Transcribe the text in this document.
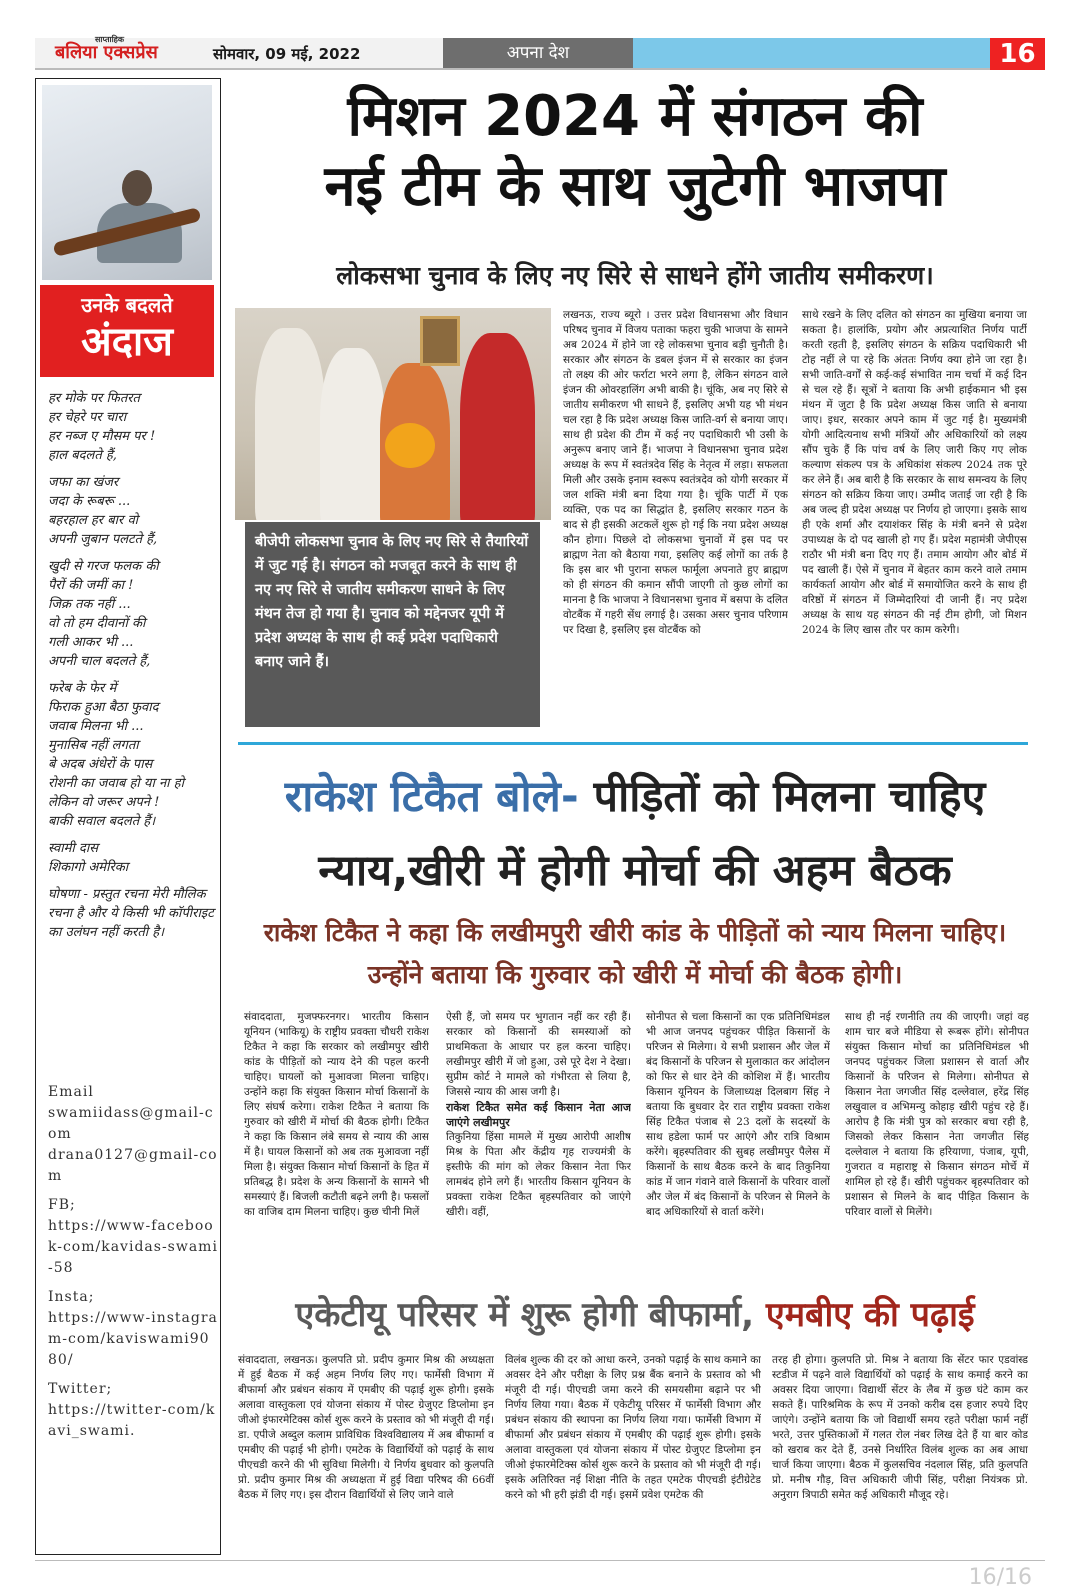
साप्ताहिक
बलिया एक्सप्रेस	सोमवार, 09 मई, 2022	अपना देश	16
उनके बदलते
अंदाज

हर मोके पर फितरत

हर चेहरे पर चारा

हर नब्ज ए मौसम पर !

हाल बदलते हैं,

जफा का खंजर

जदा के रूबरू ...

बहरहाल हर बार वो

अपनी जुबान पलटते हैं,

खुदी से गरज फलक की

पैरों की जमीं का !

जिक्र तक नहीं ...

वो तो हम दीवानों की

गली आकर भी ...

अपनी चाल बदलते हैं,

फरेब के फेर में

फिराक हुआ बैठा फुवाद

जवाब मिलना भी ...

मुनासिब नहीं लगता

बे अदब अंधेरों के पास

रोशनी का जवाब हो या ना हो

लेकिन वो जरूर अपने !

बाकी सवाल बदलते हैं।

स्वामी दास

शिकागो अमेरिका

घोषणा - प्रस्तुत रचना मेरी मौलिक रचना है और ये किसी भी कॉपीराइट का उलंघन नहीं करती है।

Email

swamiidass@gmail-com

drana0127@gmail-com

FB;

https://www-facebook-com/kavidas-swami-58

Insta;

https://www-instagram-com/kaviswami9080/

Twitter;

https://twitter-com/kavi_swami.

मिशन 2024 में संगठन की
नई टीम के साथ जुटेगी भाजपा
लोकसभा चुनाव के लिए नए सिरे से साधने होंगे जातीय समीकरण।
बीजेपी लोकसभा चुनाव के लिए नए सिरे से तैयारियों में जुट गई है। संगठन को मजबूत करने के साथ ही नए नए सिरे से जातीय समीकरण साधने के लिए मंथन तेज हो गया है। चुनाव को मद्देनजर यूपी में प्रदेश अध्यक्ष के साथ ही कई प्रदेश पदाधिकारी बनाए जाने हैं।

लखनऊ, राज्य ब्यूरो । उत्तर प्रदेश विधानसभा और विधान परिषद चुनाव में विजय पताका फहरा चुकी भाजपा के सामने अब 2024 में होने जा रहे लोकसभा चुनाव बड़ी चुनौती है। सरकार और संगठन के डबल इंजन में से सरकार का इंजन तो लक्ष्य की ओर फर्राटा भरने लगा है, लेकिन संगठन वाले इंजन की ओवरहालिंग अभी बाकी है। चूंकि, अब नए सिरे से जातीय समीकरण भी साधने हैं, इसलिए अभी यह भी मंथन चल रहा है कि प्रदेश अध्यक्ष किस जाति-वर्ग से बनाया जाए। साथ ही प्रदेश की टीम में कई नए पदाधिकारी भी उसी के अनुरूप बनाए जाने हैं। भाजपा ने विधानसभा चुनाव प्रदेश अध्यक्ष के रूप में स्वतंत्रदेव सिंह के नेतृत्व में लड़ा। सफलता मिली और उसके इनाम स्वरूप स्वतंत्रदेव को योगी सरकार में जल शक्ति मंत्री बना दिया गया है। चूंकि पार्टी में एक व्यक्ति, एक पद का सिद्धांत है, इसलिए सरकार गठन के बाद से ही इसकी अटकलें शुरू हो गई कि नया प्रदेश अध्यक्ष कौन होगा। पिछले दो लोकसभा चुनावों में इस पद पर ब्राह्मण नेता को बैठाया गया, इसलिए कई लोगों का तर्क है कि इस बार भी पुराना सफल फार्मूला अपनाते हुए ब्राह्मण को ही संगठन की कमान सौंपी जाएगी तो कुछ लोगों का मानना है कि भाजपा ने विधानसभा चुनाव में बसपा के दलित वोटबैंक में गहरी सेंध लगाई है। उसका असर चुनाव परिणाम पर दिखा है, इसलिए इस वोटबैंक को

साथे रखने के लिए दलित को संगठन का मुखिया बनाया जा सकता है। हालांकि, प्रयोग और अप्रत्याशित निर्णय पार्टी करती रहती है, इसलिए संगठन के सक्रिय पदाधिकारी भी टोह नहीं ले पा रहे कि अंततः निर्णय क्या होने जा रहा है। सभी जाति-वर्गों से कई-कई संभावित नाम चर्चा में कई दिन से चल रहे हैं। सूत्रों ने बताया कि अभी हाईकमान भी इस मंथन में जुटा है कि प्रदेश अध्यक्ष किस जाति से बनाया जाए। इधर, सरकार अपने काम में जुट गई है। मुख्यमंत्री योगी आदित्यनाथ सभी मंत्रियों और अधिकारियों को लक्ष्य सौंप चुके हैं कि पांच वर्ष के लिए जारी किए गए लोक कल्याण संकल्प पत्र के अधिकांश संकल्प 2024 तक पूरे कर लेने हैं। अब बारी है कि सरकार के साथ समन्वय के लिए संगठन को सक्रिय किया जाए। उम्मीद जताई जा रही है कि अब जल्द ही प्रदेश अध्यक्ष पर निर्णय हो जाएगा। इसके साथ ही एके शर्मा और दयाशंकर सिंह के मंत्री बनने से प्रदेश उपाध्यक्ष के दो पद खाली हो गए हैं। प्रदेश महामंत्री जेपीएस राठौर भी मंत्री बना दिए गए हैं। तमाम आयोग और बोर्ड में पद खाली हैं। ऐसे में चुनाव में बेहतर काम करने वाले तमाम कार्यकर्ता आयोग और बोर्ड में समायोजित करने के साथ ही वरिष्ठों में संगठन में जिम्मेदारियां दी जानी हैं। नए प्रदेश अध्यक्ष के साथ यह संगठन की नई टीम होगी, जो मिशन 2024 के लिए खास तौर पर काम करेगी।

राकेश टिकैत बोले- पीड़ितों को मिलना चाहिए
न्याय,खीरी में होगी मोर्चा की अहम बैठक
राकेश टिकैत ने कहा कि लखीमपुरी खीरी कांड के पीड़ितों को न्याय मिलना चाहिए। उन्होंने बताया कि गुरुवार को खीरी में मोर्चा की बैठक होगी।

संवाददाता, मुजफ्फरनगर। भारतीय किसान यूनियन (भाकियू) के राष्ट्रीय प्रवक्ता चौधरी राकेश टिकैत ने कहा कि सरकार को लखीमपुर खीरी कांड के पीड़ितों को न्याय देने की पहल करनी चाहिए। घायलों को मुआवजा मिलना चाहिए। उन्होंने कहा कि संयुक्त किसान मोर्चा किसानों के लिए संघर्ष करेगा। राकेश टिकैत ने बताया कि गुरुवार को खीरी में मोर्चा की बैठक होगी। टिकैत ने कहा कि किसान लंबे समय से न्याय की आस में है। घायल किसानों को अब तक मुआवजा नहीं मिला है। संयुक्त किसान मोर्चा किसानों के हित में प्रतिबद्ध है। प्रदेश के अन्य किसानों के सामने भी समस्याएं हैं। बिजली कटौती बढ़ने लगी है। फसलों का वाजिब दाम मिलना चाहिए। कुछ चीनी मिलें

ऐसी हैं, जो समय पर भुगतान नहीं कर रही हैं। सरकार को किसानों की समस्याओं को प्राथमिकता के आधार पर हल करना चाहिए। लखीमपुर खीरी में जो हुआ, उसे पूरे देश ने देखा। सुप्रीम कोर्ट ने मामले को गंभीरता से लिया है, जिससे न्याय की आस जगी है।

राकेश टिकैत समेत कई किसान नेता आज जाएंगे लखीमपुर

तिकुनिया हिंसा मामले में मुख्य आरोपी आशीष मिश्र के पिता और केंद्रीय गृह राज्यमंत्री के इस्तीफे की मांग को लेकर किसान नेता फिर लामबंद होने लगे हैं। भारतीय किसान यूनियन के प्रवक्ता राकेश टिकैत बृहस्पतिवार को जाएंगे खीरी। वहीं,

सोनीपत से चला किसानों का एक प्रतिनिधिमंडल भी आज जनपद पहुंचकर पीड़ित किसानों के परिजन से मिलेगा। ये सभी प्रशासन और जेल में बंद किसानों के परिजन से मुलाकात कर आंदोलन को फिर से धार देने की कोशिश में हैं। भारतीय किसान यूनियन के जिलाध्यक्ष दिलबाग सिंह ने बताया कि बुधवार देर रात राष्ट्रीय प्रवक्ता राकेश सिंह टिकैत पंजाब से 23 दलों के सदस्यों के साथ हडेला फार्म पर आएंगे और रात्रि विश्राम करेंगे। बृहस्पतिवार की सुबह लखीमपुर पैलेस में किसानों के साथ बैठक करने के बाद तिकुनिया कांड में जान गंवाने वाले किसानों के परिवार वालों और जेल में बंद किसानों के परिजन से मिलने के बाद अधिकारियों से वार्ता करेंगे।

साथ ही नई रणनीति तय की जाएगी। जहां वह शाम चार बजे मीडिया से रूबरू होंगे। सोनीपत संयुक्त किसान मोर्चा का प्रतिनिधिमंडल भी जनपद पहुंचकर जिला प्रशासन से वार्ता और किसानों के परिजन से मिलेगा। सोनीपत से किसान नेता जगजीत सिंह दल्लेवाल, हरेंद्र सिंह लखुवाल व अभिमन्यु कोहाड़ खीरी पहुंच रहे हैं। आरोप है कि मंत्री पुत्र को सरकार बचा रही है, जिसको लेकर किसान नेता जगजीत सिंह दल्लेवाल ने बताया कि हरियाणा, पंजाब, यूपी, गुजरात व महाराष्ट्र से किसान संगठन मोर्चे में शामिल हो रहे हैं। खीरी पहुंचकर बृहस्पतिवार को प्रशासन से मिलने के बाद पीड़ित किसान के परिवार वालों से मिलेंगे।

एकेटीयू परिसर में शुरू होगी बीफार्मा, एमबीए की पढ़ाई

संवाददाता, लखनऊ। कुलपति प्रो. प्रदीप कुमार मिश्र की अध्यक्षता में हुई बैठक में कई अहम निर्णय लिए गए। फार्मेसी विभाग में बीफार्मा और प्रबंधन संकाय में एमबीए की पढ़ाई शुरू होगी। इसके अलावा वास्तुकला एवं योजना संकाय में पोस्ट ग्रेजुएट डिप्लोमा इन जीओ इंफारमेटिक्स कोर्स शुरू करने के प्रस्ताव को भी मंजूरी दी गई। डा. एपीजे अब्दुल कलाम प्राविधिक विश्वविद्यालय में अब बीफार्मा व एमबीए की पढ़ाई भी होगी। एमटेक के विद्यार्थियों को पढ़ाई के साथ पीएचडी करने की भी सुविधा मिलेगी। ये निर्णय बुधवार को कुलपति प्रो. प्रदीप कुमार मिश्र की अध्यक्षता में हुई विद्या परिषद की 66वीं बैठक में लिए गए। इस दौरान विद्यार्थियों से लिए जाने वाले

विलंब शुल्क की दर को आधा करने, उनको पढ़ाई के साथ कमाने का अवसर देने और परीक्षा के लिए प्रश्न बैंक बनाने के प्रस्ताव को भी मंजूरी दी गई। पीएचडी जमा करने की समयसीमा बढ़ाने पर भी निर्णय लिया गया। बैठक में एकेटीयू परिसर में फार्मेसी विभाग और प्रबंधन संकाय की स्थापना का निर्णय लिया गया। फार्मेसी विभाग में बीफार्मा और प्रबंधन संकाय में एमबीए की पढ़ाई शुरू होगी। इसके अलावा वास्तुकला एवं योजना संकाय में पोस्ट ग्रेजुएट डिप्लोमा इन जीओ इंफारमेटिक्स कोर्स शुरू करने के प्रस्ताव को भी मंजूरी दी गई। इसके अतिरिक्त नई शिक्षा नीति के तहत एमटेक पीएचडी इंटीग्रेटेड करने को भी हरी झंडी दी गई। इसमें प्रवेश एमटेक की

तरह ही होगा। कुलपति प्रो. मिश्र ने बताया कि सेंटर फार एडवांस्ड स्टडीज में पढ़ने वाले विद्यार्थियों को पढ़ाई के साथ कमाई करने का अवसर दिया जाएगा। विद्यार्थी सेंटर के लैब में कुछ घंटे काम कर सकते हैं। पारिश्रमिक के रूप में उनको करीब दस हजार रुपये दिए जाएंगे। उन्होंने बताया कि जो विद्यार्थी समय रहते परीक्षा फार्म नहीं भरते, उत्तर पुस्तिकाओं में गलत रोल नंबर लिख देते हैं या बार कोड को खराब कर देते हैं, उनसे निर्धारित विलंब शुल्क का अब आधा चार्ज किया जाएगा। बैठक में कुलसचिव नंदलाल सिंह, प्रति कुलपति प्रो. मनीष गौड़, वित्त अधिकारी जीपी सिंह, परीक्षा नियंत्रक प्रो. अनुराग त्रिपाठी समेत कई अधिकारी मौजूद रहे।

16/16
